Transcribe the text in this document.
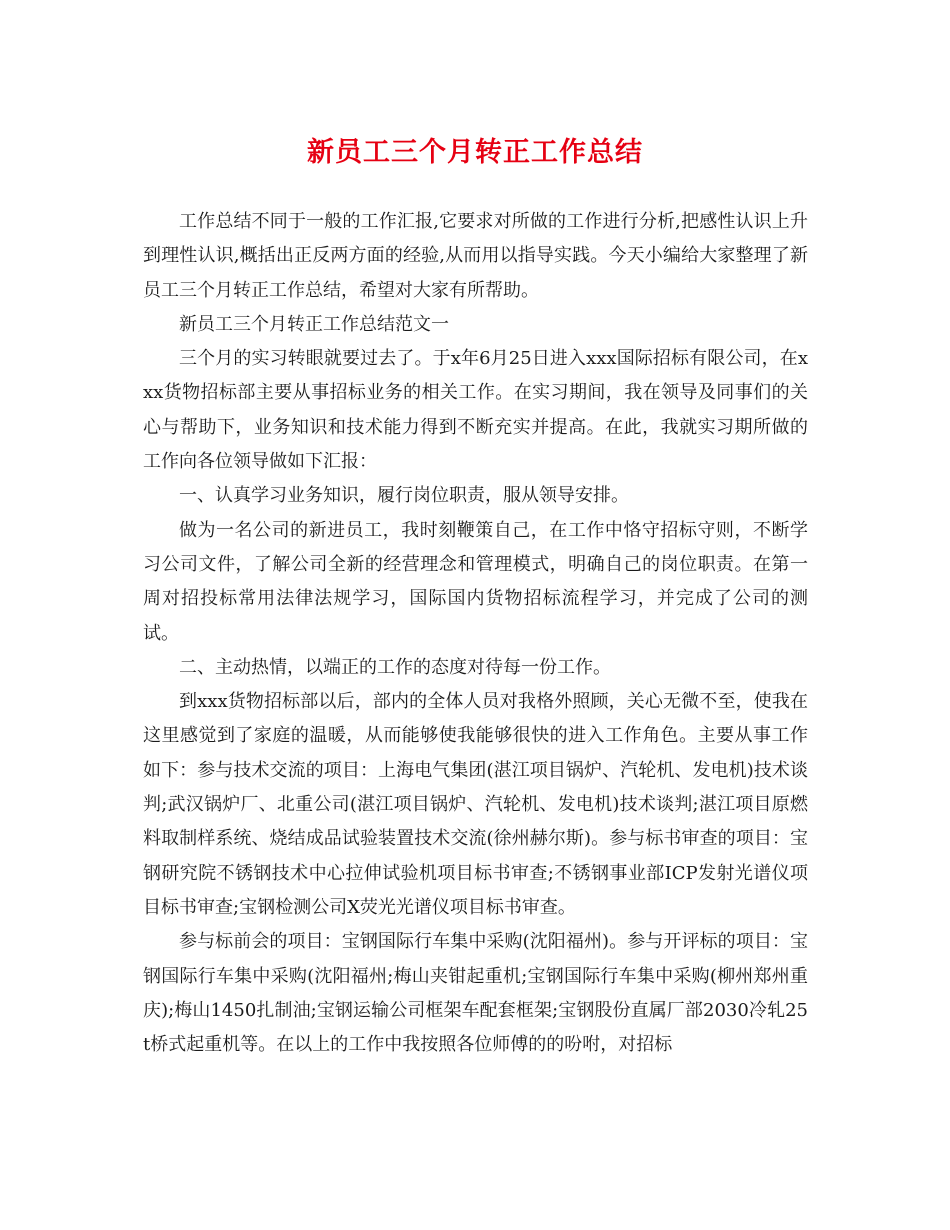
新员工三个月转正工作总结

工作总结不同于一般的工作汇报,它要求对所做的工作进行分析,把感性认识上升到理性认识,概括出正反两方面的经验,从而用以指导实践。今天小编给大家整理了新员工三个月转正工作总结，希望对大家有所帮助。

新员工三个月转正工作总结范文一

三个月的实习转眼就要过去了。于x年6月25日进入xxx国际招标有限公司，在xxx货物招标部主要从事招标业务的相关工作。在实习期间，我在领导及同事们的关心与帮助下，业务知识和技术能力得到不断充实并提高。在此，我就实习期所做的工作向各位领导做如下汇报：

一、认真学习业务知识，履行岗位职责，服从领导安排。

做为一名公司的新进员工，我时刻鞭策自己，在工作中恪守招标守则，不断学习公司文件，了解公司全新的经营理念和管理模式，明确自己的岗位职责。在第一周对招投标常用法律法规学习，国际国内货物招标流程学习，并完成了公司的测试。

二、主动热情，以端正的工作的态度对待每一份工作。

到xxx货物招标部以后，部内的全体人员对我格外照顾，关心无微不至，使我在这里感觉到了家庭的温暖，从而能够使我能够很快的进入工作角色。主要从事工作如下：参与技术交流的项目：上海电气集团(湛江项目锅炉、汽轮机、发电机)技术谈判;武汉锅炉厂、北重公司(湛江项目锅炉、汽轮机、发电机)技术谈判;湛江项目原燃料取制样系统、烧结成品试验装置技术交流(徐州赫尔斯)。参与标书审查的项目：宝钢研究院不锈钢技术中心拉伸试验机项目标书审查;不锈钢事业部ICP发射光谱仪项目标书审查;宝钢检测公司X荧光光谱仪项目标书审查。

参与标前会的项目：宝钢国际行车集中采购(沈阳福州)。参与开评标的项目：宝钢国际行车集中采购(沈阳福州;梅山夹钳起重机;宝钢国际行车集中采购(柳州郑州重庆);梅山1450扎制油;宝钢运输公司框架车配套框架;宝钢股份直属厂部2030冷轧25t桥式起重机等。在以上的工作中我按照各位师傅的的吩咐，对招标
